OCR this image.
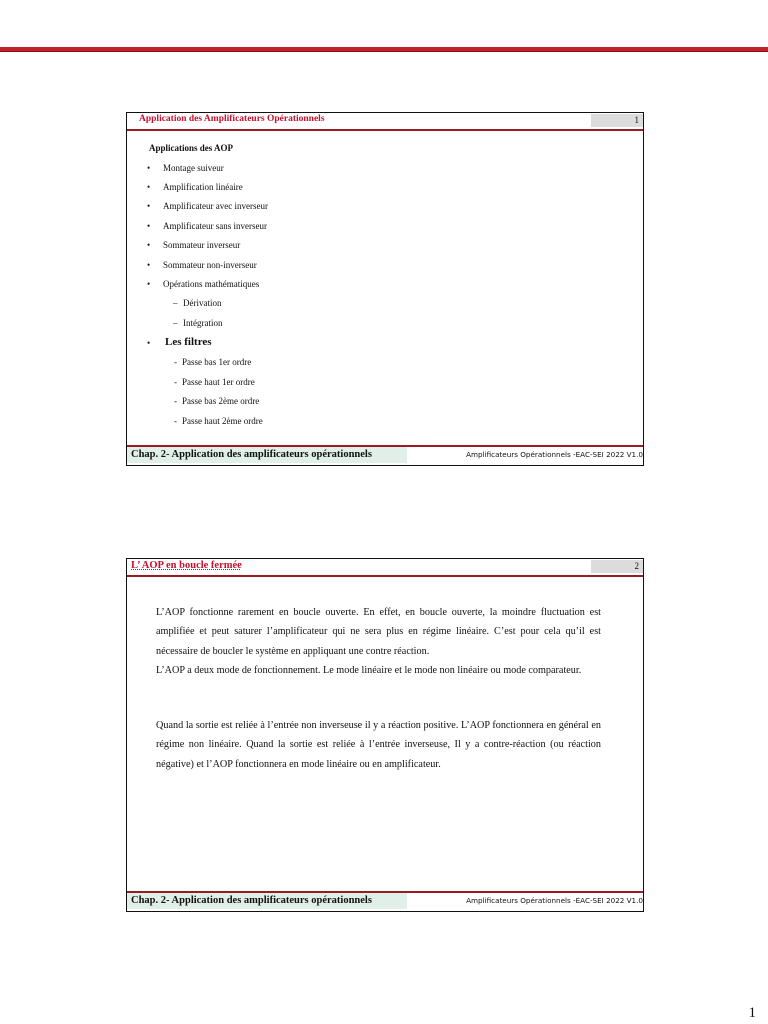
Application des Amplificateurs Opérationnels	1
Applications des AOP
• Montage suiveur
• Amplification linéaire
• Amplificateur avec inverseur
• Amplificateur sans inverseur
• Sommateur inverseur
• Sommateur non-inverseur
• Opérations mathématiques
– Dérivation
– Intégration
• Les filtres
- Passe bas 1er ordre
- Passe haut 1er ordre
- Passe bas 2ème ordre
- Passe haut 2ème ordre
Chap. 2- Application des amplificateurs opérationnels	Amplificateurs Opérationnels -EAC-SEI 2022 V1.0
L’ AOP en boucle fermée	2

L’AOP fonctionne rarement en boucle ouverte. En effet, en boucle ouverte, la moindre fluctuation est amplifiée et peut saturer l’amplificateur qui ne sera plus en régime linéaire. C’est pour cela qu’il est nécessaire de boucler le système en appliquant une contre réaction.

L’AOP a deux mode de fonctionnement. Le mode linéaire et le mode non linéaire ou mode comparateur.

Quand la sortie est reliée à l’entrée non inverseuse il y a réaction positive. L’AOP fonctionnera en général en régime non linéaire. Quand la sortie est reliée à l’entrée inverseuse, Il y a contre-réaction (ou réaction négative) et l’AOP fonctionnera en mode linéaire ou en amplificateur.

Chap. 2- Application des amplificateurs opérationnels	Amplificateurs Opérationnels -EAC-SEI 2022 V1.0
1
